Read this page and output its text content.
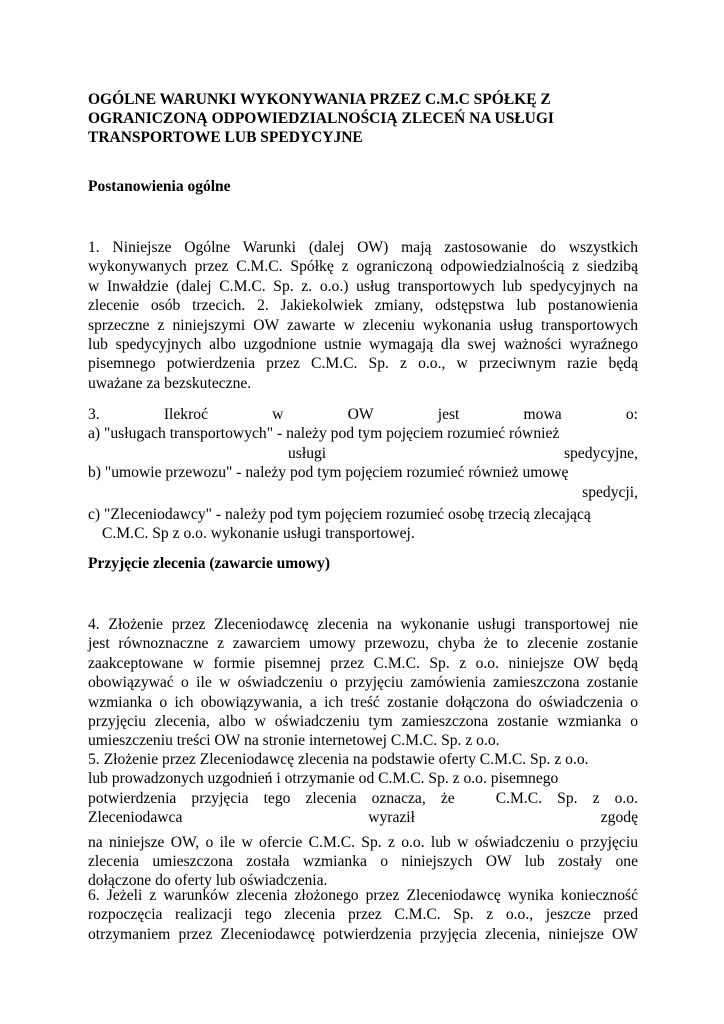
OGÓLNE WARUNKI WYKONYWANIA PRZEZ C.M.C SPÓŁKĘ Z
OGRANICZONĄ ODPOWIEDZIALNOŚCIĄ ZLECEŃ NA USŁUGI
TRANSPORTOWE LUB SPEDYCYJNE
Postanowienia ogólne
1. Niniejsze Ogólne Warunki (dalej OW) mają zastosowanie do wszystkich
wykonywanych przez C.M.C. Spółkę z ograniczoną odpowiedzialnością z siedzibą
w Inwałdzie (dalej C.M.C. Sp. z. o.o.) usług transportowych lub spedycyjnych na
zlecenie osób trzecich. 2. Jakiekolwiek zmiany, odstępstwa lub postanowienia
sprzeczne z niniejszymi OW zawarte w zleceniu wykonania usług transportowych
lub spedycyjnych albo uzgodnione ustnie wymagają dla swej ważności wyraźnego
pisemnego potwierdzenia przez C.M.C. Sp. z o.o., w przeciwnym razie będą
uważane za bezskuteczne.
3.	Ilekroć	w	OW	jest	mowa	o:
a) "usługach transportowych" - należy pod tym pojęciem rozumieć również
usługi	spedycyjne,
b) "umowie przewozu" - należy pod tym pojęciem rozumieć również umowę
spedycji,
c) "Zleceniodawcy" - należy pod tym pojęciem rozumieć osobę trzecią zlecającą
C.M.C. Sp z o.o. wykonanie usługi transportowej.
Przyjęcie zlecenia (zawarcie umowy)
4. Złożenie przez Zleceniodawcę zlecenia na wykonanie usługi transportowej nie
jest równoznaczne z zawarciem umowy przewozu, chyba że to zlecenie zostanie
zaakceptowane w formie pisemnej przez C.M.C. Sp. z o.o. niniejsze OW będą
obowiązywać o ile w oświadczeniu o przyjęciu zamówienia zamieszczona zostanie
wzmianka o ich obowiązywania, a ich treść zostanie dołączona do oświadczenia o
przyjęciu zlecenia, albo w oświadczeniu tym zamieszczona zostanie wzmianka o
umieszczeniu treści OW na stronie internetowej C.M.C. Sp. z o.o.
5. Złożenie przez Zleceniodawcę zlecenia na podstawie oferty C.M.C. Sp. z o.o.
lub prowadzonych uzgodnień i otrzymanie od C.M.C. Sp. z o.o. pisemnego
potwierdzenia przyjęcia tego zlecenia oznacza, że	C.M.C. Sp. z o.o.
Zleceniodawca	wyraził	zgodę
na niniejsze OW, o ile w ofercie C.M.C. Sp. z o.o. lub w oświadczeniu o przyjęciu
zlecenia umieszczona została wzmianka o niniejszych OW lub zostały one
dołączone do oferty lub oświadczenia.
6. Jeżeli z warunków zlecenia złożonego przez Zleceniodawcę wynika konieczność
rozpoczęcia realizacji tego zlecenia przez C.M.C. Sp. z o.o., jeszcze przed
otrzymaniem przez Zleceniodawcę potwierdzenia przyjęcia zlecenia, niniejsze OW
